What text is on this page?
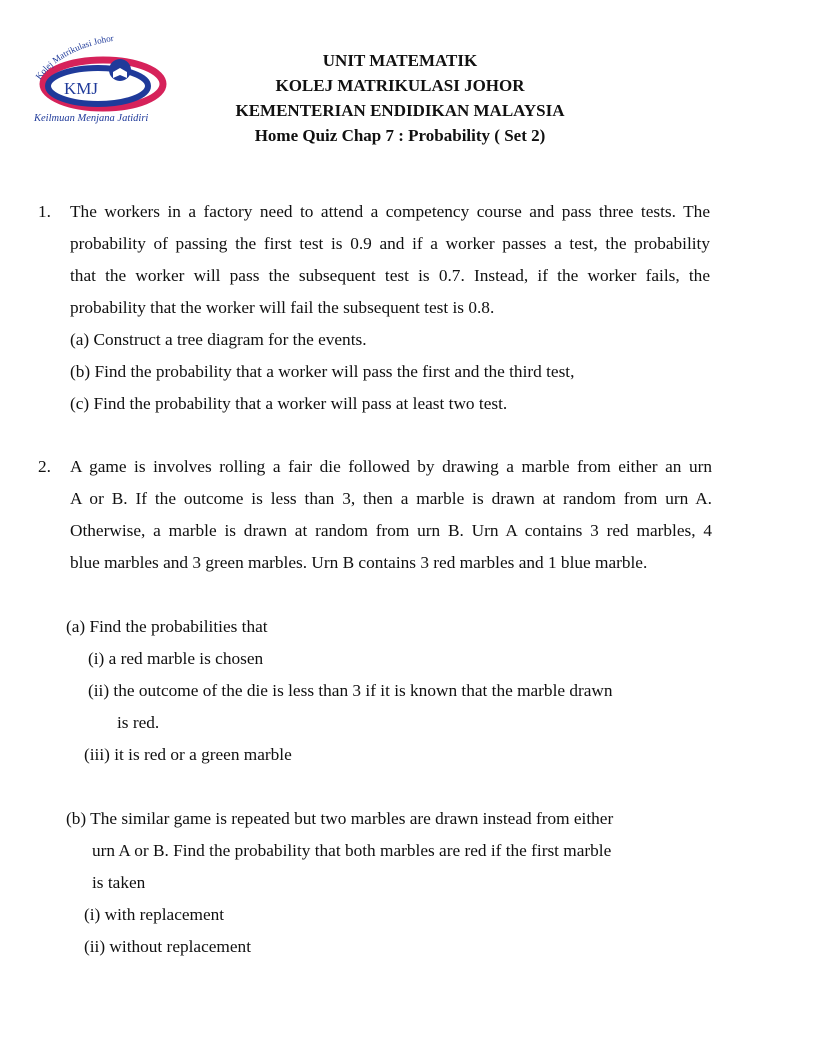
Kolej Matrikulasi Johor
KMJ
Keilmuan Menjana Jatidiri
UNIT MATEMATIK
KOLEJ MATRIKULASI JOHOR
KEMENTERIAN ENDIDIKAN MALAYSIA
Home Quiz Chap 7 : Probability ( Set 2)
1. The workers in a factory need to attend a competency course and pass three tests. The
probability of passing the first test is 0.9 and if a worker passes a test, the probability
that the worker will pass the subsequent test is 0.7. Instead, if the worker fails, the
probability that the worker will fail the subsequent test is 0.8.
(a) Construct a tree diagram for the events.
(b) Find the probability that a worker will pass the first and the third test,
(c) Find the probability that a worker will pass at least two test.
2. A game is involves rolling a fair die followed by drawing a marble from either an urn
A or B. If the outcome is less than 3, then a marble is drawn at random from urn A.
Otherwise, a marble is drawn at random from urn B. Urn A contains 3 red marbles, 4
blue marbles and 3 green marbles. Urn B contains 3 red marbles and 1 blue marble.
(a) Find the probabilities that
(i) a red marble is chosen
(ii) the outcome of the die is less than 3 if it is known that the marble drawn
is red.
(iii) it is red or a green marble
(b) The similar game is repeated but two marbles are drawn instead from either
urn A or B. Find the probability that both marbles are red if the first marble
is taken
(i) with replacement
(ii) without replacement
